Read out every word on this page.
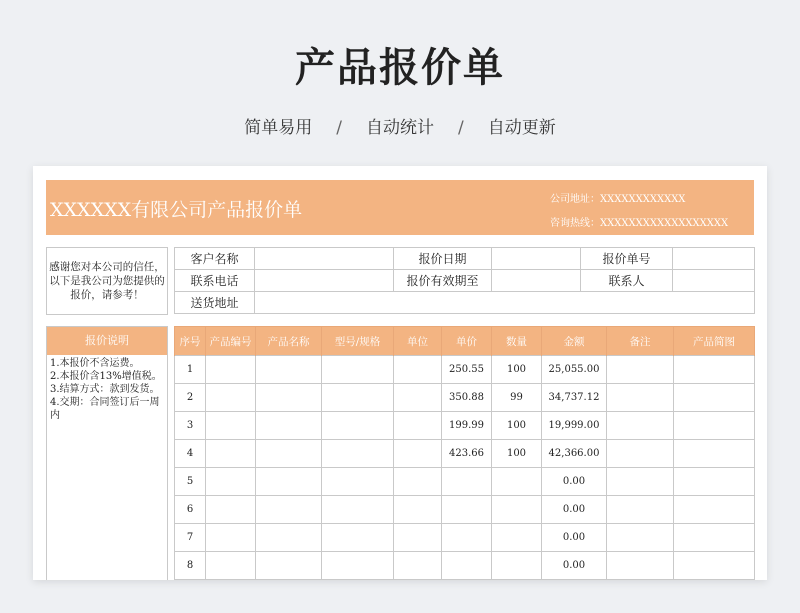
产品报价单
简单易用 / 自动统计 / 自动更新
XXXXXX有限公司产品报价单	公司地址：XXXXXXXXXXXX
咨询热线：XXXXXXXXXXXXXXXXXX
感谢您对本公司的信任，以下是我公司为您提供的报价，请参考！
客户名称		报价日期		报价单号	
联系电话		报价有效期至		联系人	
送货地址					
报价说明
1.本报价不含运费。
2.本报价含13%增值税。
3.结算方式：款到发货。
4.交期：合同签订后一周内
序号	产品编号	产品名称	型号/规格	单位	单价	数量	金额	备注	产品简图
1					250.55	100	25,055.00		
2					350.88	99	34,737.12		
3					199.99	100	19,999.00		
4					423.66	100	42,366.00		
5							0.00		
6							0.00		
7							0.00		
8							0.00		
